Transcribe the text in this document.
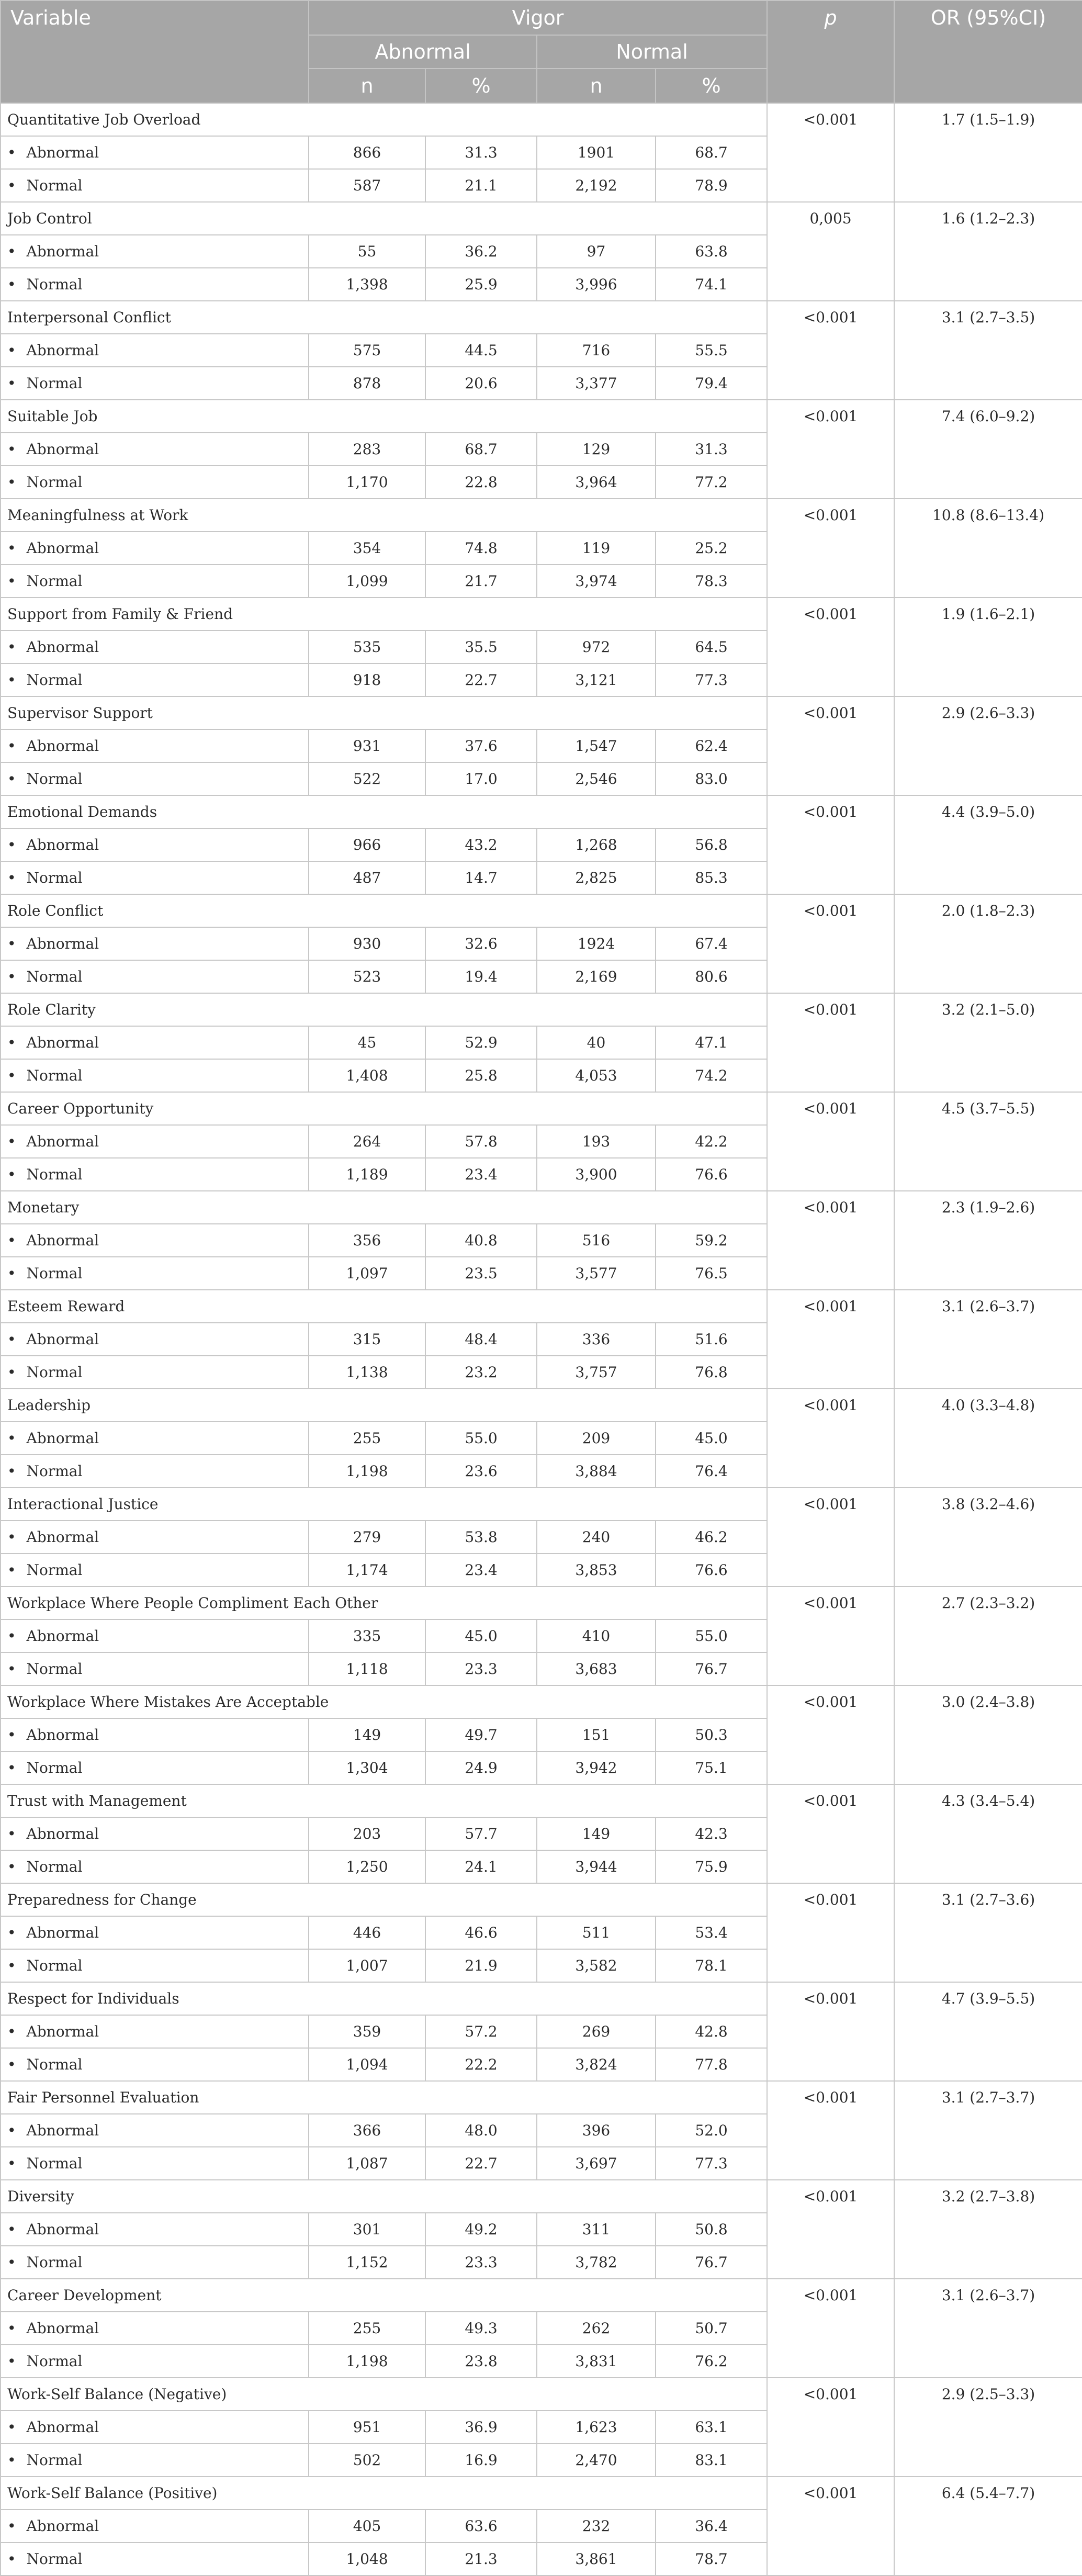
Variable	Vigor				p	OR (95%CI)
	Abnormal		Normal			
	n	%	n	%		
Quantitative Job Overload					<0.001	1.7 (1.5–1.9)
• Abnormal	866	31.3	1901	68.7		
• Normal	587	21.1	2,192	78.9		
Job Control					0,005	1.6 (1.2–2.3)
• Abnormal	55	36.2	97	63.8		
• Normal	1,398	25.9	3,996	74.1		
Interpersonal Conflict					<0.001	3.1 (2.7–3.5)
• Abnormal	575	44.5	716	55.5		
• Normal	878	20.6	3,377	79.4		
Suitable Job					<0.001	7.4 (6.0–9.2)
• Abnormal	283	68.7	129	31.3		
• Normal	1,170	22.8	3,964	77.2		
Meaningfulness at Work					<0.001	10.8 (8.6–13.4)
• Abnormal	354	74.8	119	25.2		
• Normal	1,099	21.7	3,974	78.3		
Support from Family & Friend					<0.001	1.9 (1.6–2.1)
• Abnormal	535	35.5	972	64.5		
• Normal	918	22.7	3,121	77.3		
Supervisor Support					<0.001	2.9 (2.6–3.3)
• Abnormal	931	37.6	1,547	62.4		
• Normal	522	17.0	2,546	83.0		
Emotional Demands					<0.001	4.4 (3.9–5.0)
• Abnormal	966	43.2	1,268	56.8		
• Normal	487	14.7	2,825	85.3		
Role Conflict					<0.001	2.0 (1.8–2.3)
• Abnormal	930	32.6	1924	67.4		
• Normal	523	19.4	2,169	80.6		
Role Clarity					<0.001	3.2 (2.1–5.0)
• Abnormal	45	52.9	40	47.1		
• Normal	1,408	25.8	4,053	74.2		
Career Opportunity					<0.001	4.5 (3.7–5.5)
• Abnormal	264	57.8	193	42.2		
• Normal	1,189	23.4	3,900	76.6		
Monetary					<0.001	2.3 (1.9–2.6)
• Abnormal	356	40.8	516	59.2		
• Normal	1,097	23.5	3,577	76.5		
Esteem Reward					<0.001	3.1 (2.6–3.7)
• Abnormal	315	48.4	336	51.6		
• Normal	1,138	23.2	3,757	76.8		
Leadership					<0.001	4.0 (3.3–4.8)
• Abnormal	255	55.0	209	45.0		
• Normal	1,198	23.6	3,884	76.4		
Interactional Justice					<0.001	3.8 (3.2–4.6)
• Abnormal	279	53.8	240	46.2		
• Normal	1,174	23.4	3,853	76.6		
Workplace Where People Compliment Each Other					<0.001	2.7 (2.3–3.2)
• Abnormal	335	45.0	410	55.0		
• Normal	1,118	23.3	3,683	76.7		
Workplace Where Mistakes Are Acceptable					<0.001	3.0 (2.4–3.8)
• Abnormal	149	49.7	151	50.3		
• Normal	1,304	24.9	3,942	75.1		
Trust with Management					<0.001	4.3 (3.4–5.4)
• Abnormal	203	57.7	149	42.3		
• Normal	1,250	24.1	3,944	75.9		
Preparedness for Change					<0.001	3.1 (2.7–3.6)
• Abnormal	446	46.6	511	53.4		
• Normal	1,007	21.9	3,582	78.1		
Respect for Individuals					<0.001	4.7 (3.9–5.5)
• Abnormal	359	57.2	269	42.8		
• Normal	1,094	22.2	3,824	77.8		
Fair Personnel Evaluation					<0.001	3.1 (2.7–3.7)
• Abnormal	366	48.0	396	52.0		
• Normal	1,087	22.7	3,697	77.3		
Diversity					<0.001	3.2 (2.7–3.8)
• Abnormal	301	49.2	311	50.8		
• Normal	1,152	23.3	3,782	76.7		
Career Development					<0.001	3.1 (2.6–3.7)
• Abnormal	255	49.3	262	50.7		
• Normal	1,198	23.8	3,831	76.2		
Work-Self Balance (Negative)					<0.001	2.9 (2.5–3.3)
• Abnormal	951	36.9	1,623	63.1		
• Normal	502	16.9	2,470	83.1		
Work-Self Balance (Positive)					<0.001	6.4 (5.4–7.7)
• Abnormal	405	63.6	232	36.4		
• Normal	1,048	21.3	3,861	78.7		
